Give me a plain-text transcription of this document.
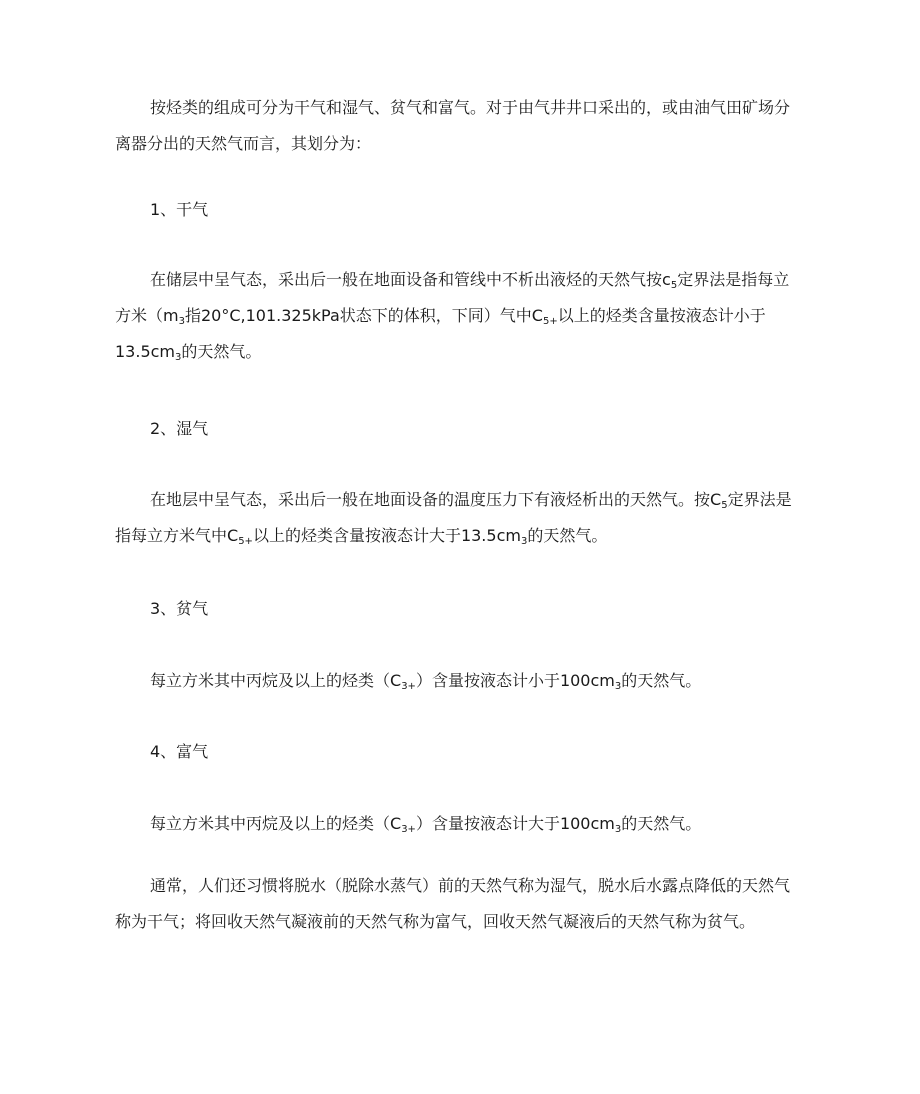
按烃类的组成可分为干气和湿气、贫气和富气。对于由气井井口采出的，或由油气田矿场分离器分出的天然气而言，其划分为：

1、干气

在储层中呈气态，采出后一般在地面设备和管线中不析出液烃的天然气按$c_5$定界法是指每立方米（$m_3$指20°C,101.325kPa状态下的体积，下同）气中$C_{5+}$以上的烃类含量按液态计小于$13.5cm_3$的天然气。

2、湿气

在地层中呈气态，采出后一般在地面设备的温度压力下有液烃析出的天然气。按$C_5$定界法是指每立方米气中$C_{5+}$以上的烃类含量按液态计大于$13.5cm_3$的天然气。

3、贫气

每立方米其中丙烷及以上的烃类$(C_{3+})$含量按液态计小于$100cm_3$的天然气。

4、富气

每立方米其中丙烷及以上的烃类$(C_{3+})$含量按液态计大于$100cm_3$的天然气。

通常，人们还习惯将脱水（脱除水蒸气）前的天然气称为湿气，脱水后水露点降低的天然气称为干气；将回收天然气凝液前的天然气称为富气，回收天然气凝液后的天然气称为贫气。
